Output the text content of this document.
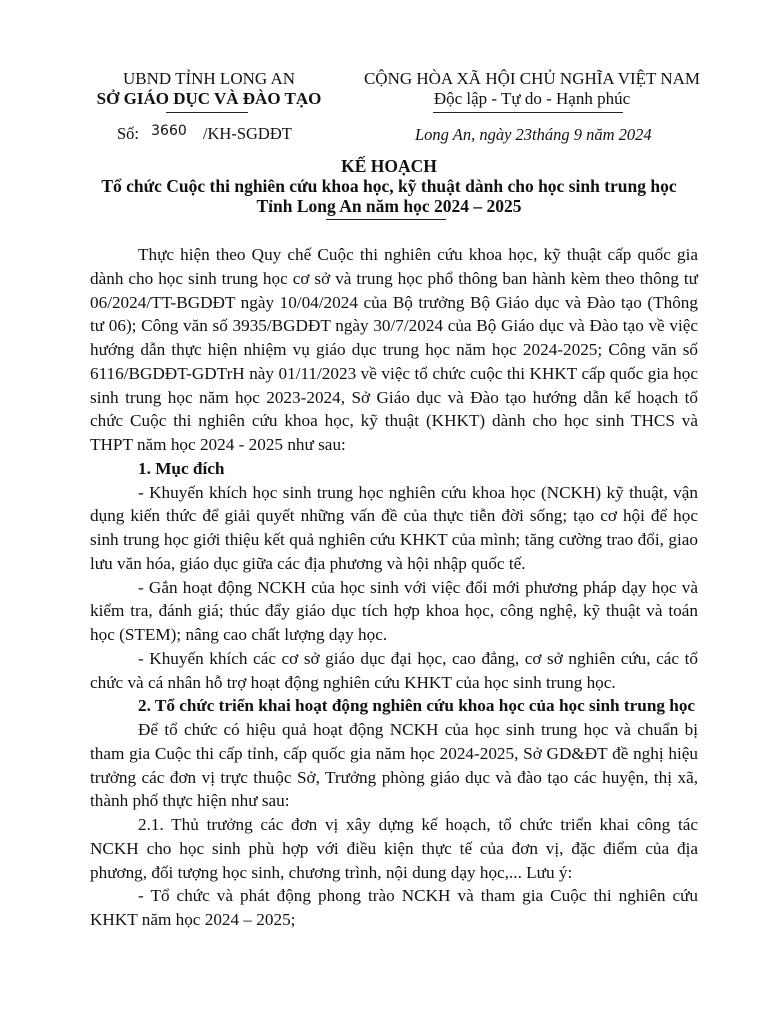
UBND TỈNH LONG AN
SỞ GIÁO DỤC VÀ ĐÀO TẠO
CỘNG HÒA XÃ HỘI CHỦ NGHĨA VIỆT NAM
Độc lập - Tự do - Hạnh phúc
Số: $^{3660}$ /KH-SGDĐT	Long An, ngày 23tháng 9 năm 2024
KẾ HOẠCH
Tổ chức Cuộc thi nghiên cứu khoa học, kỹ thuật dành cho học sinh trung học
Tỉnh Long An năm học 2024 – 2025

Thực hiện theo Quy chế Cuộc thi nghiên cứu khoa học, kỹ thuật cấp quốc gia dành cho học sinh trung học cơ sở và trung học phổ thông ban hành kèm theo thông tư 06/2024/TT-BGDĐT ngày 10/04/2024 của Bộ trưởng Bộ Giáo dục và Đào tạo (Thông tư 06); Công văn số 3935/BGDĐT ngày 30/7/2024 của Bộ Giáo dục và Đào tạo về việc hướng dẫn thực hiện nhiệm vụ giáo dục trung học năm học 2024-2025; Công văn số 6116/BGDĐT-GDTrH này 01/11/2023 về việc tổ chức cuộc thi KHKT cấp quốc gia học sinh trung học năm học 2023-2024, Sở Giáo dục và Đào tạo hướng dẫn kế hoạch tổ chức Cuộc thi nghiên cứu khoa học, kỹ thuật (KHKT) dành cho học sinh THCS và THPT năm học 2024 - 2025 như sau:

1. Mục đích

- Khuyến khích học sinh trung học nghiên cứu khoa học (NCKH) kỹ thuật, vận dụng kiến thức để giải quyết những vấn đề của thực tiễn đời sống; tạo cơ hội để học sinh trung học giới thiệu kết quả nghiên cứu KHKT của mình; tăng cường trao đổi, giao lưu văn hóa, giáo dục giữa các địa phương và hội nhập quốc tế.

- Gắn hoạt động NCKH của học sinh với việc đổi mới phương pháp dạy học và kiểm tra, đánh giá; thúc đẩy giáo dục tích hợp khoa học, công nghệ, kỹ thuật và toán học (STEM); nâng cao chất lượng dạy học.

- Khuyến khích các cơ sở giáo dục đại học, cao đẳng, cơ sở nghiên cứu, các tổ chức và cá nhân hỗ trợ hoạt động nghiên cứu KHKT của học sinh trung học.

2. Tổ chức triển khai hoạt động nghiên cứu khoa học của học sinh trung học

Để tổ chức có hiệu quả hoạt động NCKH của học sinh trung học và chuẩn bị tham gia Cuộc thi cấp tỉnh, cấp quốc gia năm học 2024-2025, Sở GD&ĐT đề nghị hiệu trưởng các đơn vị trực thuộc Sở, Trưởng phòng giáo dục và đào tạo các huyện, thị xã, thành phố thực hiện như sau:

2.1. Thủ trưởng các đơn vị xây dựng kế hoạch, tổ chức triển khai công tác NCKH cho học sinh phù hợp với điều kiện thực tế của đơn vị, đặc điểm của địa phương, đối tượng học sinh, chương trình, nội dung dạy học,... Lưu ý:

- Tổ chức và phát động phong trào NCKH và tham gia Cuộc thi nghiên cứu KHKT năm học 2024 – 2025;
